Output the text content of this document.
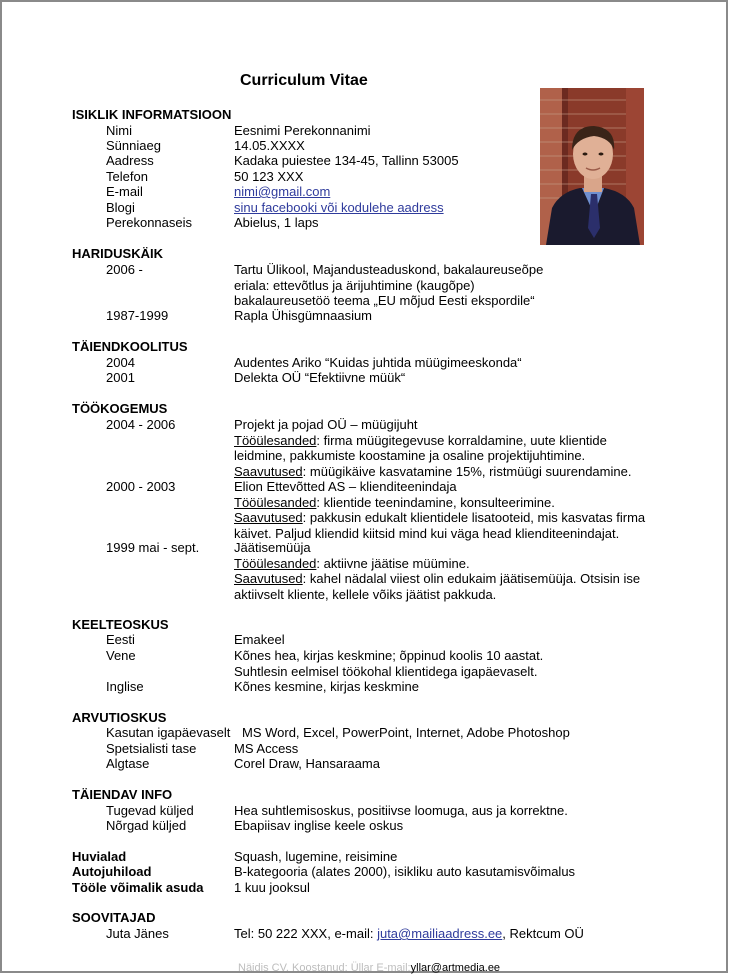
Curriculum Vitae
ISIKLIK INFORMATSIOON
Nimi	Eesnimi Perekonnanimi
Sünniaeg	14.05.XXXX
Aadress	Kadaka puiestee 134-45, Tallinn 53005
Telefon	50 123 XXX
E-mail	nimi@gmail.com
Blogi	sinu facebooki või kodulehe aadress
Perekonnaseis	Abielus, 1 laps
HARIDUSKÄIK
2006 -	Tartu Ülikool, Majandusteaduskond, bakalaureuseõpe
eriala: ettevõtlus ja ärijuhtimine (kaugõpe)
bakalaureusetöö teema „EU mõjud Eesti ekspordile“
1987-1999	Rapla Ühisgümnaasium
TÄIENDKOOLITUS
2004	Audentes Ariko “Kuidas juhtida müügimeeskonda“
2001	Delekta OÜ “Efektiivne müük“
TÖÖKOGEMUS
2004 - 2006	Projekt ja pojad OÜ – müügijuht
Tööülesanded: firma müügitegevuse korraldamine, uute klientide
leidmine, pakkumiste koostamine ja osaline projektijuhtimine.
Saavutused: müügikäive kasvatamine 15%, ristmüügi suurendamine.
2000 - 2003	Elion Ettevõtted AS – klienditeenindaja
Tööülesanded: klientide teenindamine, konsulteerimine.
Saavutused: pakkusin edukalt klientidele lisatooteid, mis kasvatas firma
käivet. Paljud kliendid kiitsid mind kui väga head klienditeenindajat.
1999 mai - sept.	Jäätisemüüja
Tööülesanded: aktiivne jäätise müümine.
Saavutused: kahel nädalal viiest olin edukaim jäätisemüüja. Otsisin ise
aktiivselt kliente, kellele võiks jäätist pakkuda.
KEELTEOSKUS
Eesti	Emakeel
Vene	Kõnes hea, kirjas keskmine; õppinud koolis 10 aastat.
Suhtlesin eelmisel töökohal klientidega igapäevaselt.
Inglise	Kõnes kesmine, kirjas keskmine
ARVUTIOSKUS
Kasutan igapäevaselt MS Word, Excel, PowerPoint, Internet, Adobe Photoshop
Spetsialisti tase	MS Access
Algtase	Corel Draw, Hansaraama
TÄIENDAV INFO
Tugevad küljed	Hea suhtlemisoskus, positiivse loomuga, aus ja korrektne.
Nõrgad küljed	Ebapiisav inglise keele oskus
Huvialad	Squash, lugemine, reisimine
Autojuhiload	B-kategooria (alates 2000), isikliku auto kasutamisvõimalus
Tööle võimalik asuda 1 kuu jooksul
SOOVITAJAD
Juta Jänes	Tel: 50 222 XXX, e-mail: juta@mailiaadress.ee, Rektcum OÜ
Näidis CV. Koostanud: Üllar E-mail:yllar@artmedia.ee
